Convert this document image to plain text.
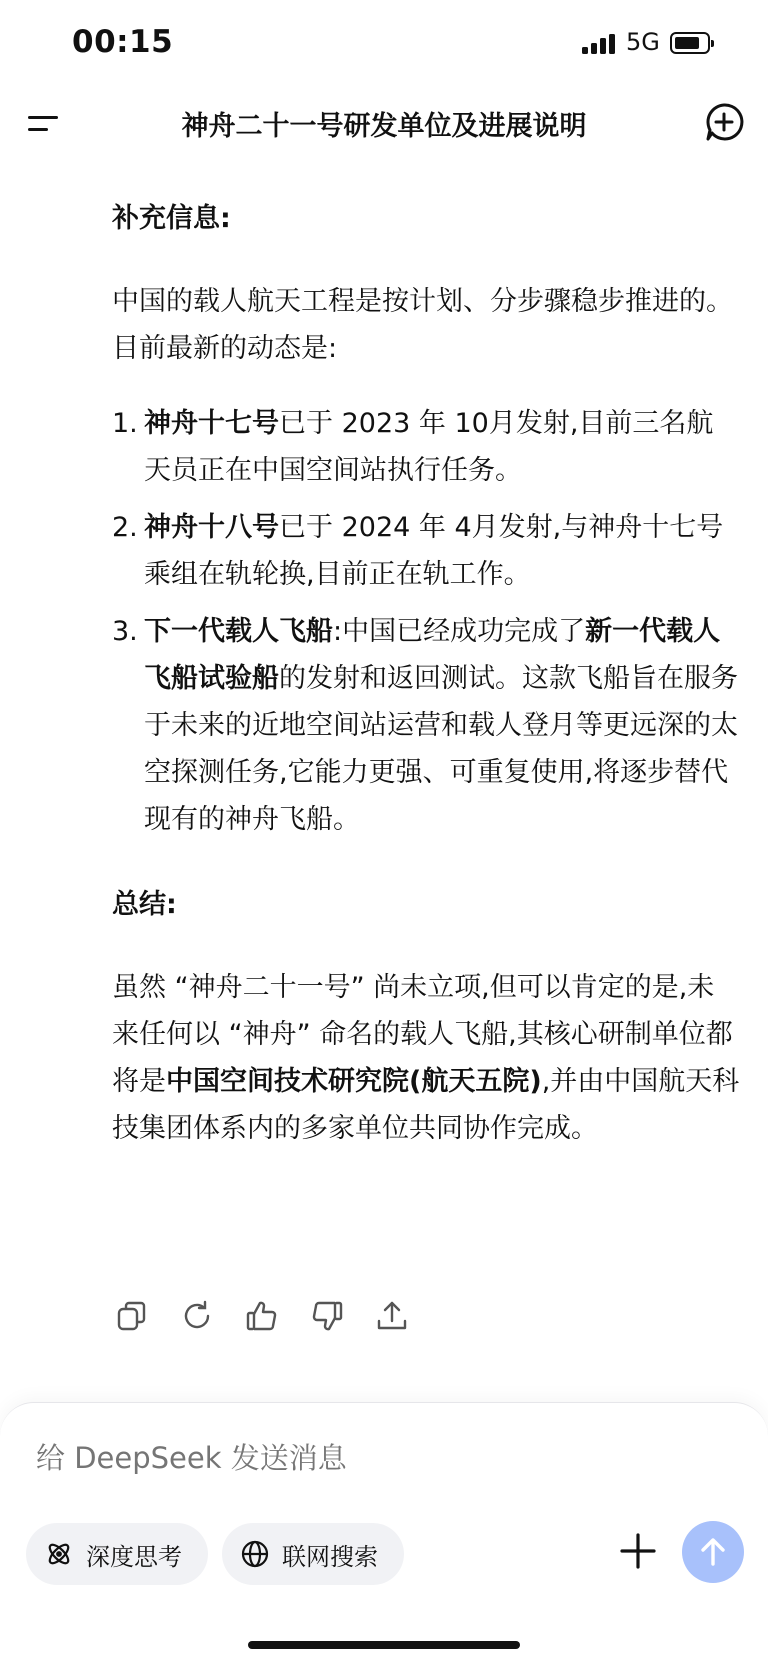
00:15	5G
神舟二十一号研发单位及进展说明

补充信息:

中国的载人航天工程是按计划、分步骤稳步推进的。目前最新的动态是:

1. 神舟十七号已于 2023 年 10月发射,目前三名航天员正在中国空间站执行任务。
2. 神舟十八号已于 2024 年 4月发射,与神舟十七号乘组在轨轮换,目前正在轨工作。
3. 下一代载人飞船:中国已经成功完成了新一代载人飞船试验船的发射和返回测试。这款飞船旨在服务于未来的近地空间站运营和载人登月等更远深的太空探测任务,它能力更强、可重复使用,将逐步替代现有的神舟飞船。

总结:

虽然 “神舟二十一号” 尚未立项,但可以肯定的是,未来任何以 “神舟” 命名的载人飞船,其核心研制单位都将是中国空间技术研究院(航天五院),并由中国航天科技集团体系内的多家单位共同协作完成。

给 DeepSeek 发送消息
深度思考	联网搜索
